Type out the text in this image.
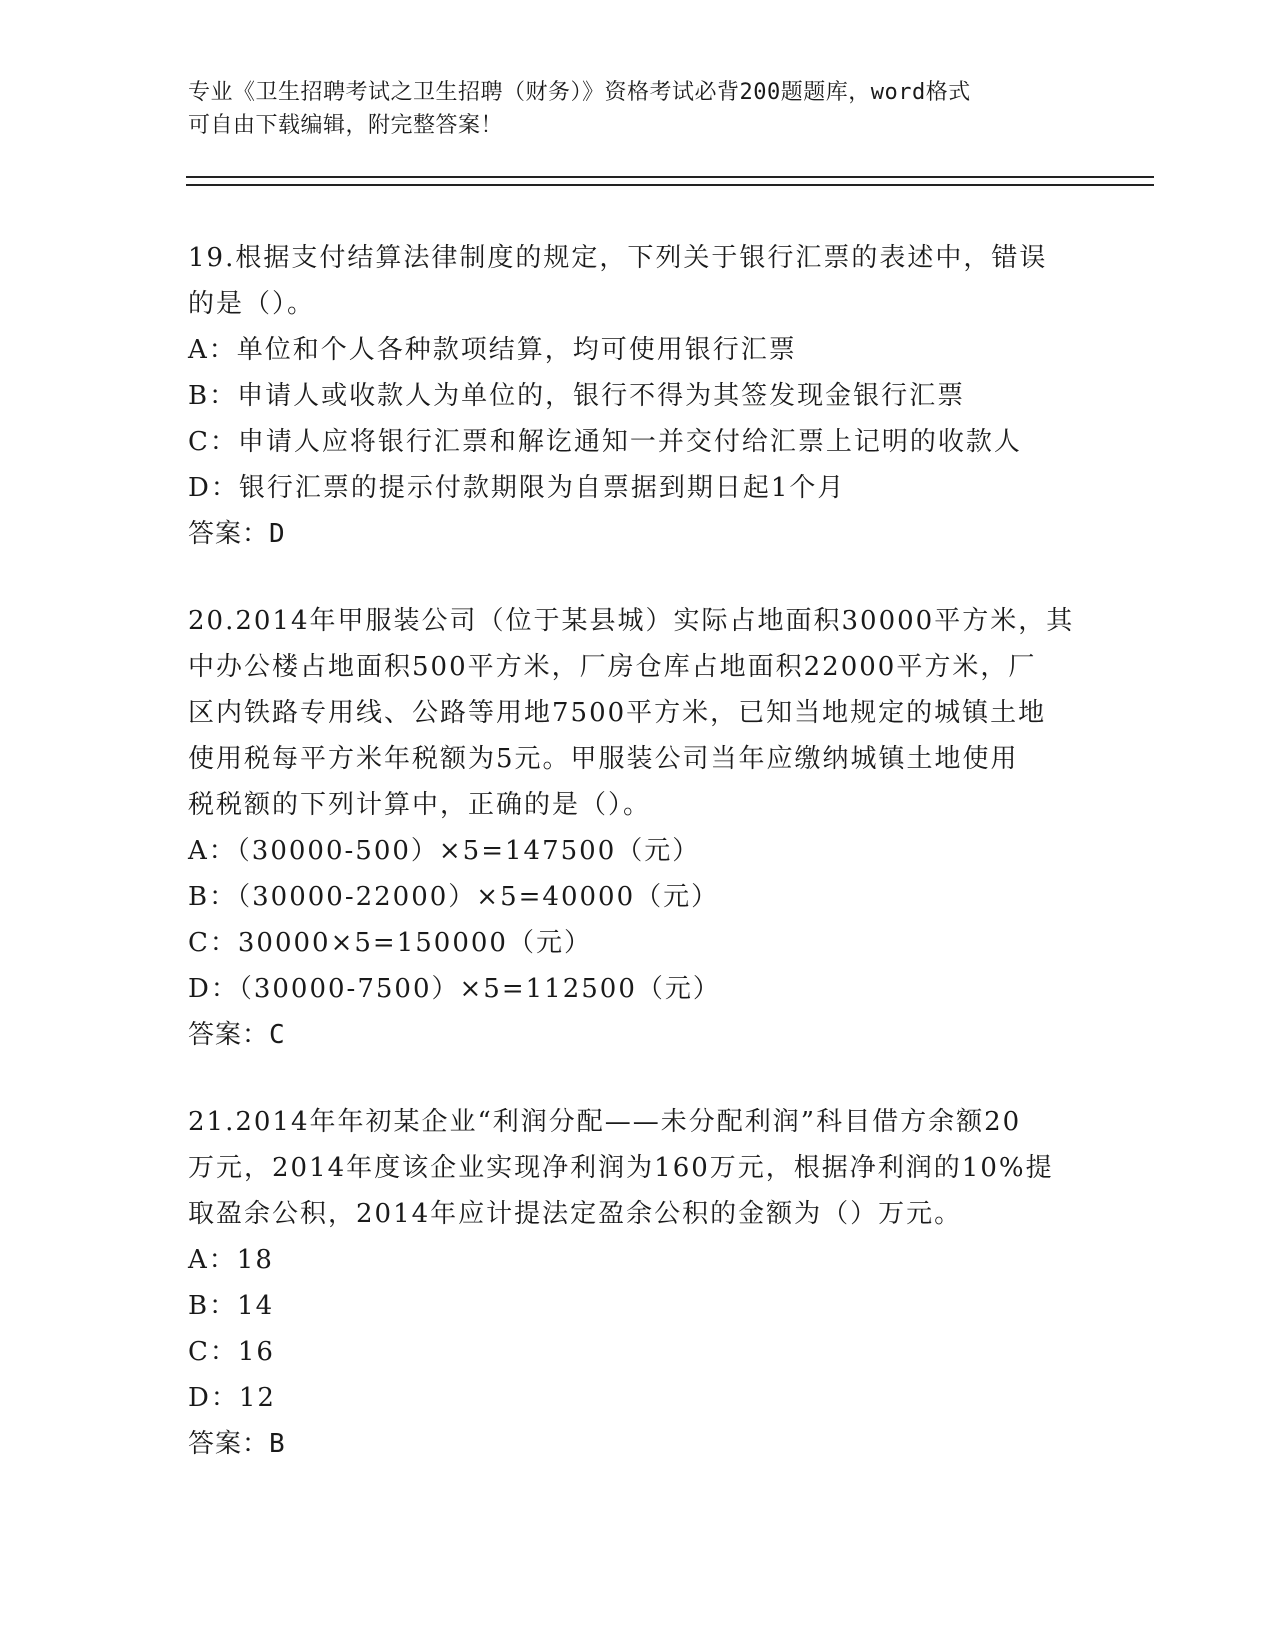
专业《卫生招聘考试之卫生招聘（财务）》资格考试必背200题题库，word格式
可自由下载编辑，附完整答案！

19.根据支付结算法律制度的规定，下列关于银行汇票的表述中，错误

的是（）。

A：单位和个人各种款项结算，均可使用银行汇票

B：申请人或收款人为单位的，银行不得为其签发现金银行汇票

C：申请人应将银行汇票和解讫通知一并交付给汇票上记明的收款人

D：银行汇票的提示付款期限为自票据到期日起1个月

答案：D

20.2014年甲服装公司（位于某县城）实际占地面积30000平方米，其

中办公楼占地面积500平方米，厂房仓库占地面积22000平方米，厂

区内铁路专用线、公路等用地7500平方米，已知当地规定的城镇土地

使用税每平方米年税额为5元。甲服装公司当年应缴纳城镇土地使用

税税额的下列计算中，正确的是（）。

A：（30000-500）×5=147500（元）

B：（30000-22000）×5=40000（元）

C：30000×5=150000（元）

D：（30000-7500）×5=112500（元）

答案：C

21.2014年年初某企业“利润分配——未分配利润”科目借方余额20

万元，2014年度该企业实现净利润为160万元，根据净利润的10%提

取盈余公积，2014年应计提法定盈余公积的金额为（）万元。

A：18

B：14

C：16

D：12

答案：B
